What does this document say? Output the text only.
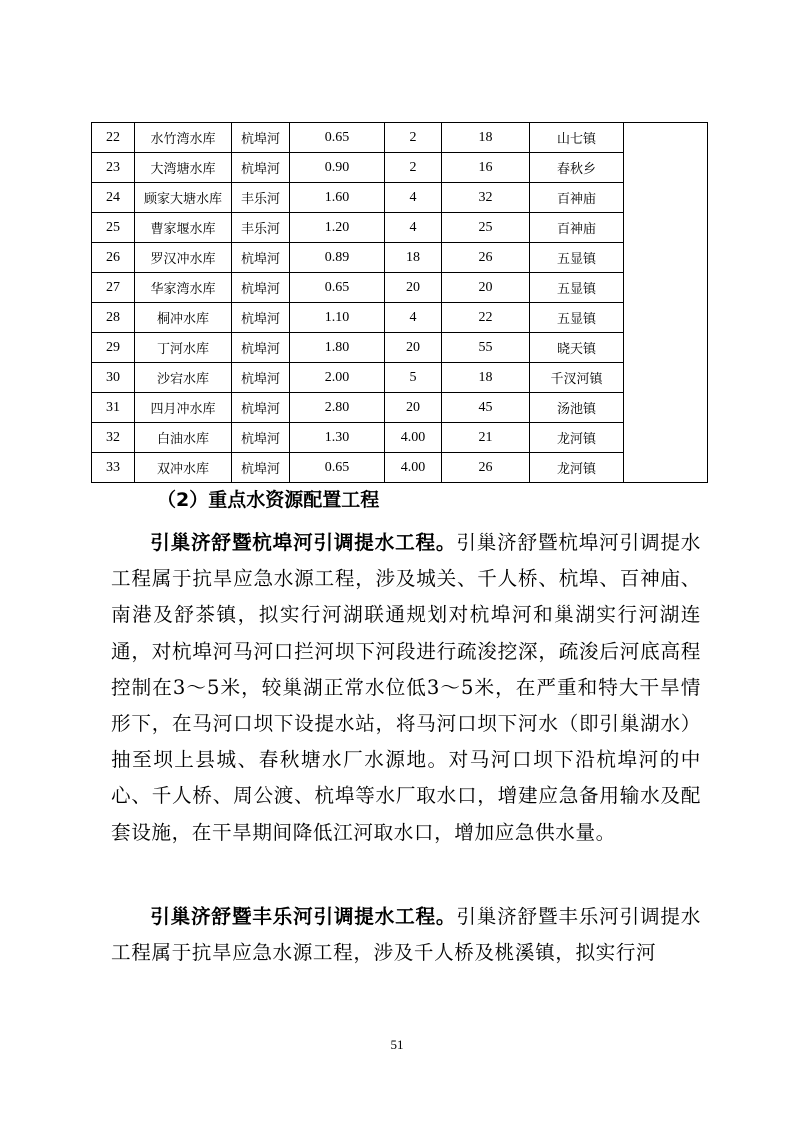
22	水竹湾水库	杭埠河	0.65	2	18	山七镇	
23	大湾塘水库	杭埠河	0.90	2	16	春秋乡	
24	顾家大塘水库	丰乐河	1.60	4	32	百神庙	
25	曹家堰水库	丰乐河	1.20	4	25	百神庙	
26	罗汉冲水库	杭埠河	0.89	18	26	五显镇	
27	华家湾水库	杭埠河	0.65	20	20	五显镇	
28	桐冲水库	杭埠河	1.10	4	22	五显镇	
29	丁河水库	杭埠河	1.80	20	55	晓天镇	
30	沙宕水库	杭埠河	2.00	5	18	千汊河镇	
31	四月冲水库	杭埠河	2.80	20	45	汤池镇	
32	白油水库	杭埠河	1.30	4.00	21	龙河镇	
33	双冲水库	杭埠河	0.65	4.00	26	龙河镇	
（2）重点水资源配置工程
引巢济舒暨杭埠河引调提水工程。引巢济舒暨杭埠河引调提水工程属于抗旱应急水源工程，涉及城关、千人桥、杭埠、百神庙、南港及舒茶镇，拟实行河湖联通规划对杭埠河和巢湖实行河湖连通，对杭埠河马河口拦河坝下河段进行疏浚挖深，疏浚后河底高程控制在3～5米，较巢湖正常水位低3～5米，在严重和特大干旱情形下，在马河口坝下设提水站，将马河口坝下河水（即引巢湖水）抽至坝上县城、春秋塘水厂水源地。对马河口坝下沿杭埠河的中心、千人桥、周公渡、杭埠等水厂取水口，增建应急备用输水及配套设施，在干旱期间降低江河取水口，增加应急供水量。
引巢济舒暨丰乐河引调提水工程。引巢济舒暨丰乐河引调提水工程属于抗旱应急水源工程，涉及千人桥及桃溪镇，拟实行河
51
